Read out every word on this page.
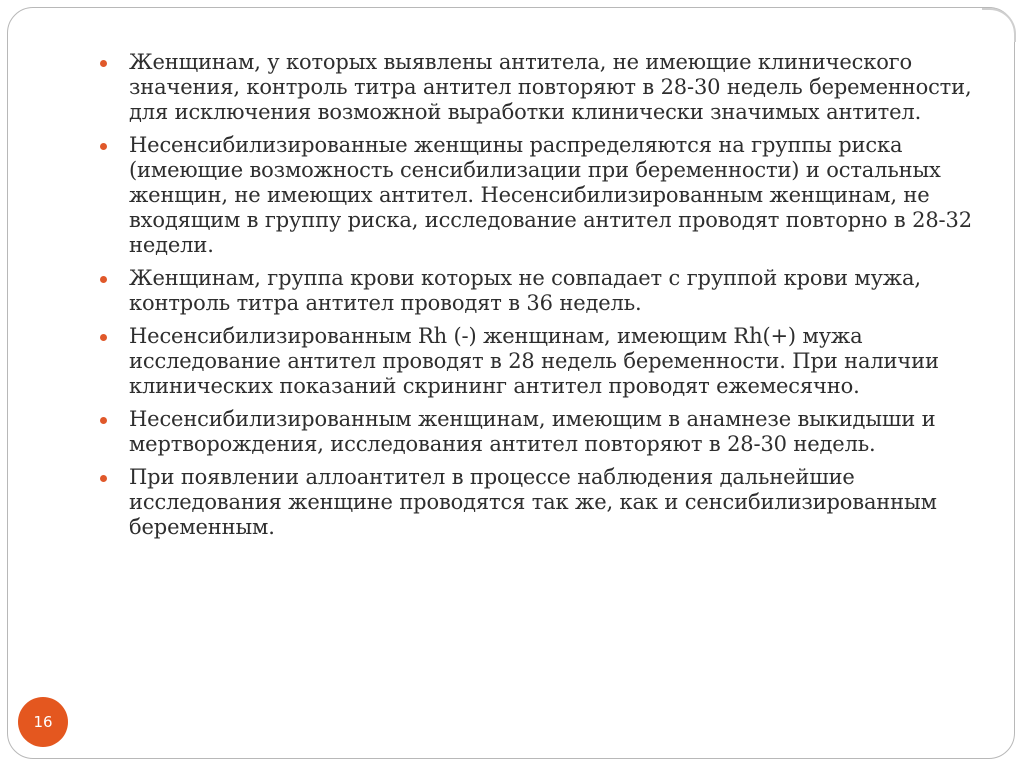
Женщинам, у которых выявлены антитела, не имеющие клинического значения, контроль титра антител повторяют в 28-30 недель беременности, для исключения возможной выработки клинически значимых антител.
Несенсибилизированные женщины распределяются на группы риска (имеющие возможность сенсибилизации при беременности) и остальных женщин, не имеющих антител. Несенсибилизированным женщинам, не входящим в группу риска, исследование антител проводят повторно в 28-32 недели.
Женщинам, группа крови которых не совпадает с группой крови мужа, контроль титра антител проводят в 36 недель.
Несенсибилизированным Rh (-) женщинам, имеющим Rh(+) мужа исследование антител проводят в 28 недель беременности. При наличии клинических показаний скрининг антител проводят ежемесячно.
Несенсибилизированным женщинам, имеющим в анамнезе выкидыши и мертворождения, исследования антител повторяют в 28-30 недель.
При появлении аллоантител в процессе наблюдения дальнейшие исследования женщине проводятся так же, как и сенсибилизированным беременным.
16
